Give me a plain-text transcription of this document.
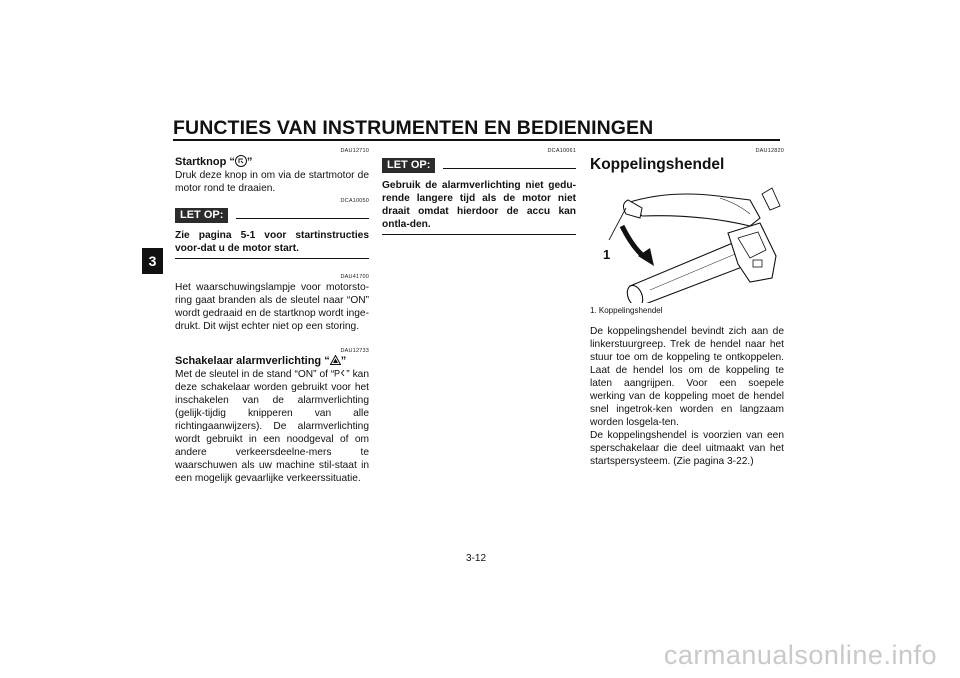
FUNCTIES VAN INSTRUMENTEN EN BEDIENINGEN
3
DAU12710
Startknop “ ”
Druk deze knop in om via de startmotor de motor rond te draaien.
DCA10050
LET OP:
Zie pagina 5-1 voor startinstructies voor-dat u de motor start.
DAU41700
Het waarschuwingslampje voor motorsto-ring gaat branden als de sleutel naar “ON” wordt gedraaid en de startknop wordt inge-drukt. Dit wijst echter niet op een storing.
DAU12733
Schakelaar alarmverlichting “ ”
Met de sleutel in de stand “ON” of “ P ” kan deze schakelaar worden gebruikt voor het inschakelen van de alarmverlichting (gelijk-tijdig knipperen van alle richtingaanwijzers). De alarmverlichting wordt gebruikt in een noodgeval of om andere verkeersdeelne-mers te waarschuwen als uw machine stil-staat in een mogelijk gevaarlijke verkeerssituatie.
DCA10061
LET OP:
Gebruik de alarmverlichting niet gedu-rende langere tijd als de motor niet draait omdat hierdoor de accu kan ontla-den.
DAU12820
Koppelingshendel
1
1. Koppelingshendel
De koppelingshendel bevindt zich aan de linkerstuurgreep. Trek de hendel naar het stuur toe om de koppeling te ontkoppelen. Laat de hendel los om de koppeling te laten aangrijpen. Voor een soepele werking van de koppeling moet de hendel snel ingetrok-ken worden en langzaam worden losgela-ten.
De koppelingshendel is voorzien van een sperschakelaar die deel uitmaakt van het startspersysteem. (Zie pagina 3-22.)
3-12
carmanualsonline.info
